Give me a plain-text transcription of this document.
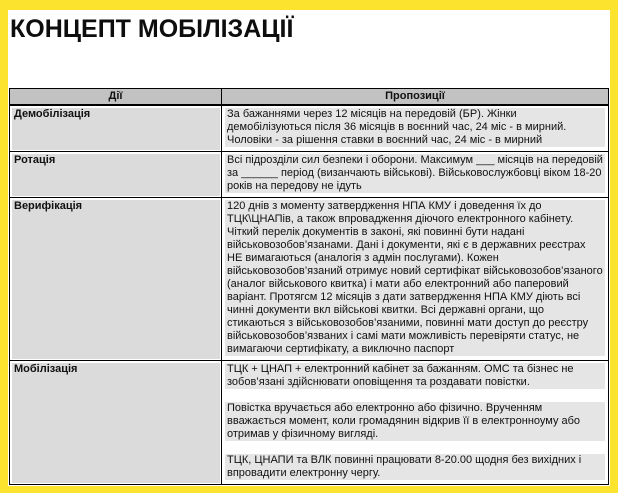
КОНЦЕПТ МОБІЛІЗАЦІЇ
Дії	Пропозиції

Демобілізація	За бажаннями через 12 місяців на передовій (БР). Жінки демобілізуються після 36 місяців в воєнний час, 24 міс - в мирний. Чоловіки - за рішення ставки в воєнний час, 24 міс - в мирний

Ротація	Всі підрозділи сил безпеки і оборони. Максимум ___ місяців на передовій за ______ період (визанчають військові). Військовослужбовці віком 18-20 років на передову не ідуть

Верифікація	120 днів з моменту затвердження НПА КМУ і доведення їх до ТЦК\ЦНАПів, а також впровадження діючого електронного кабінету. Чіткий перелік документів в законі, які повинні бути надані військовозобов’язанами. Дані і документи, які є в державних реєстрах НЕ вимагаються (аналогія з адмін послугами). Кожен військовозобов’язаний отримує новий сертифікат військовозобов’язаного (аналог військового квитка) і мати або електронний або паперовий варіант. Протягсм 12 місяців з дати затвердження НПА КМУ діють всі чинні документи вкл військові квитки. Всі державні органи, що стикаються з військовозобов’язаними, повинні мати доступ до реєстру військовозобов’язваних і самі мати можливість перевіряти статус, не вимагаючи сертифікату, а виключно паспорт

Мобілізація	ТЦК + ЦНАП + електронний кабінет за бажанням. ОМС та бізнес не зобов’язані здійснювати оповіщення та роздавати повістки.
Повістка вручається або електронно або фізично. Врученням вважається момент, коли громадянин відкрив її в електронноуму або отримав у фізичному вигляді.
ТЦК, ЦНАПИ та ВЛК повинні працювати 8-20.00 щодня без вихідних і впровадити електронну чергу.
